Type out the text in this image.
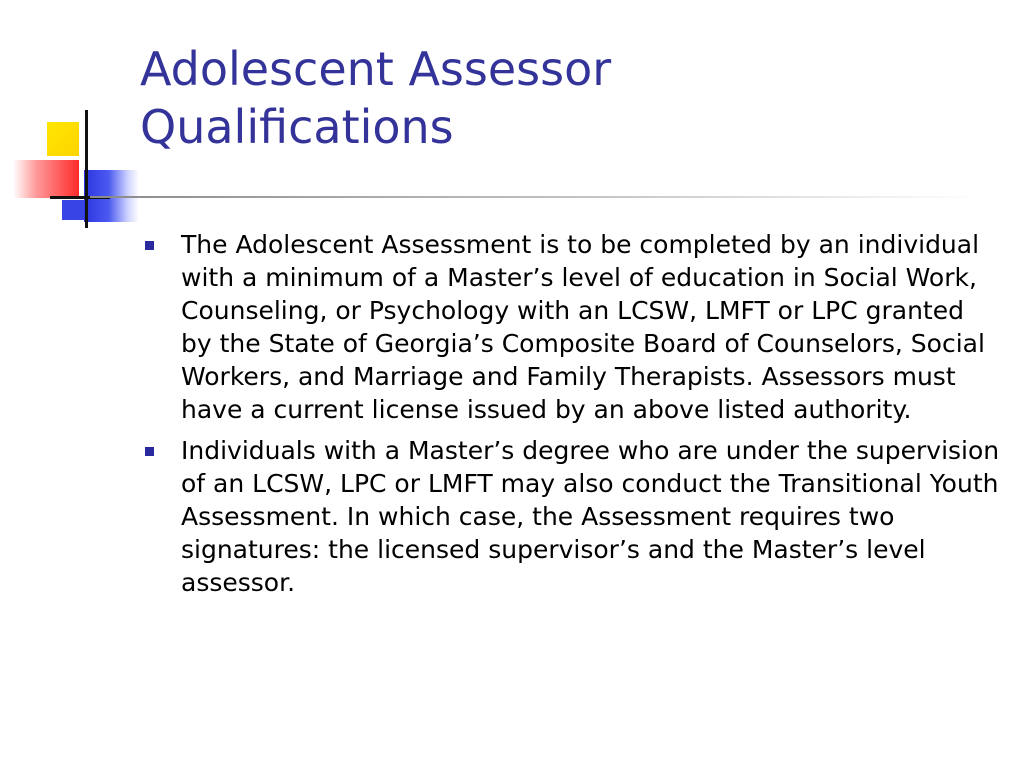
Adolescent Assessor
Qualifications
The Adolescent Assessment is to be completed by an individual with a minimum of a Master’s level of education in Social Work, Counseling, or Psychology with an LCSW, LMFT or LPC granted by the State of Georgia’s Composite Board of Counselors, Social Workers, and Marriage and Family Therapists. Assessors must have a current license issued by an above listed authority.
Individuals with a Master’s degree who are under the supervision of an LCSW, LPC or LMFT may also conduct the Transitional Youth Assessment. In which case, the Assessment requires two signatures: the licensed supervisor’s and the Master’s level assessor.
